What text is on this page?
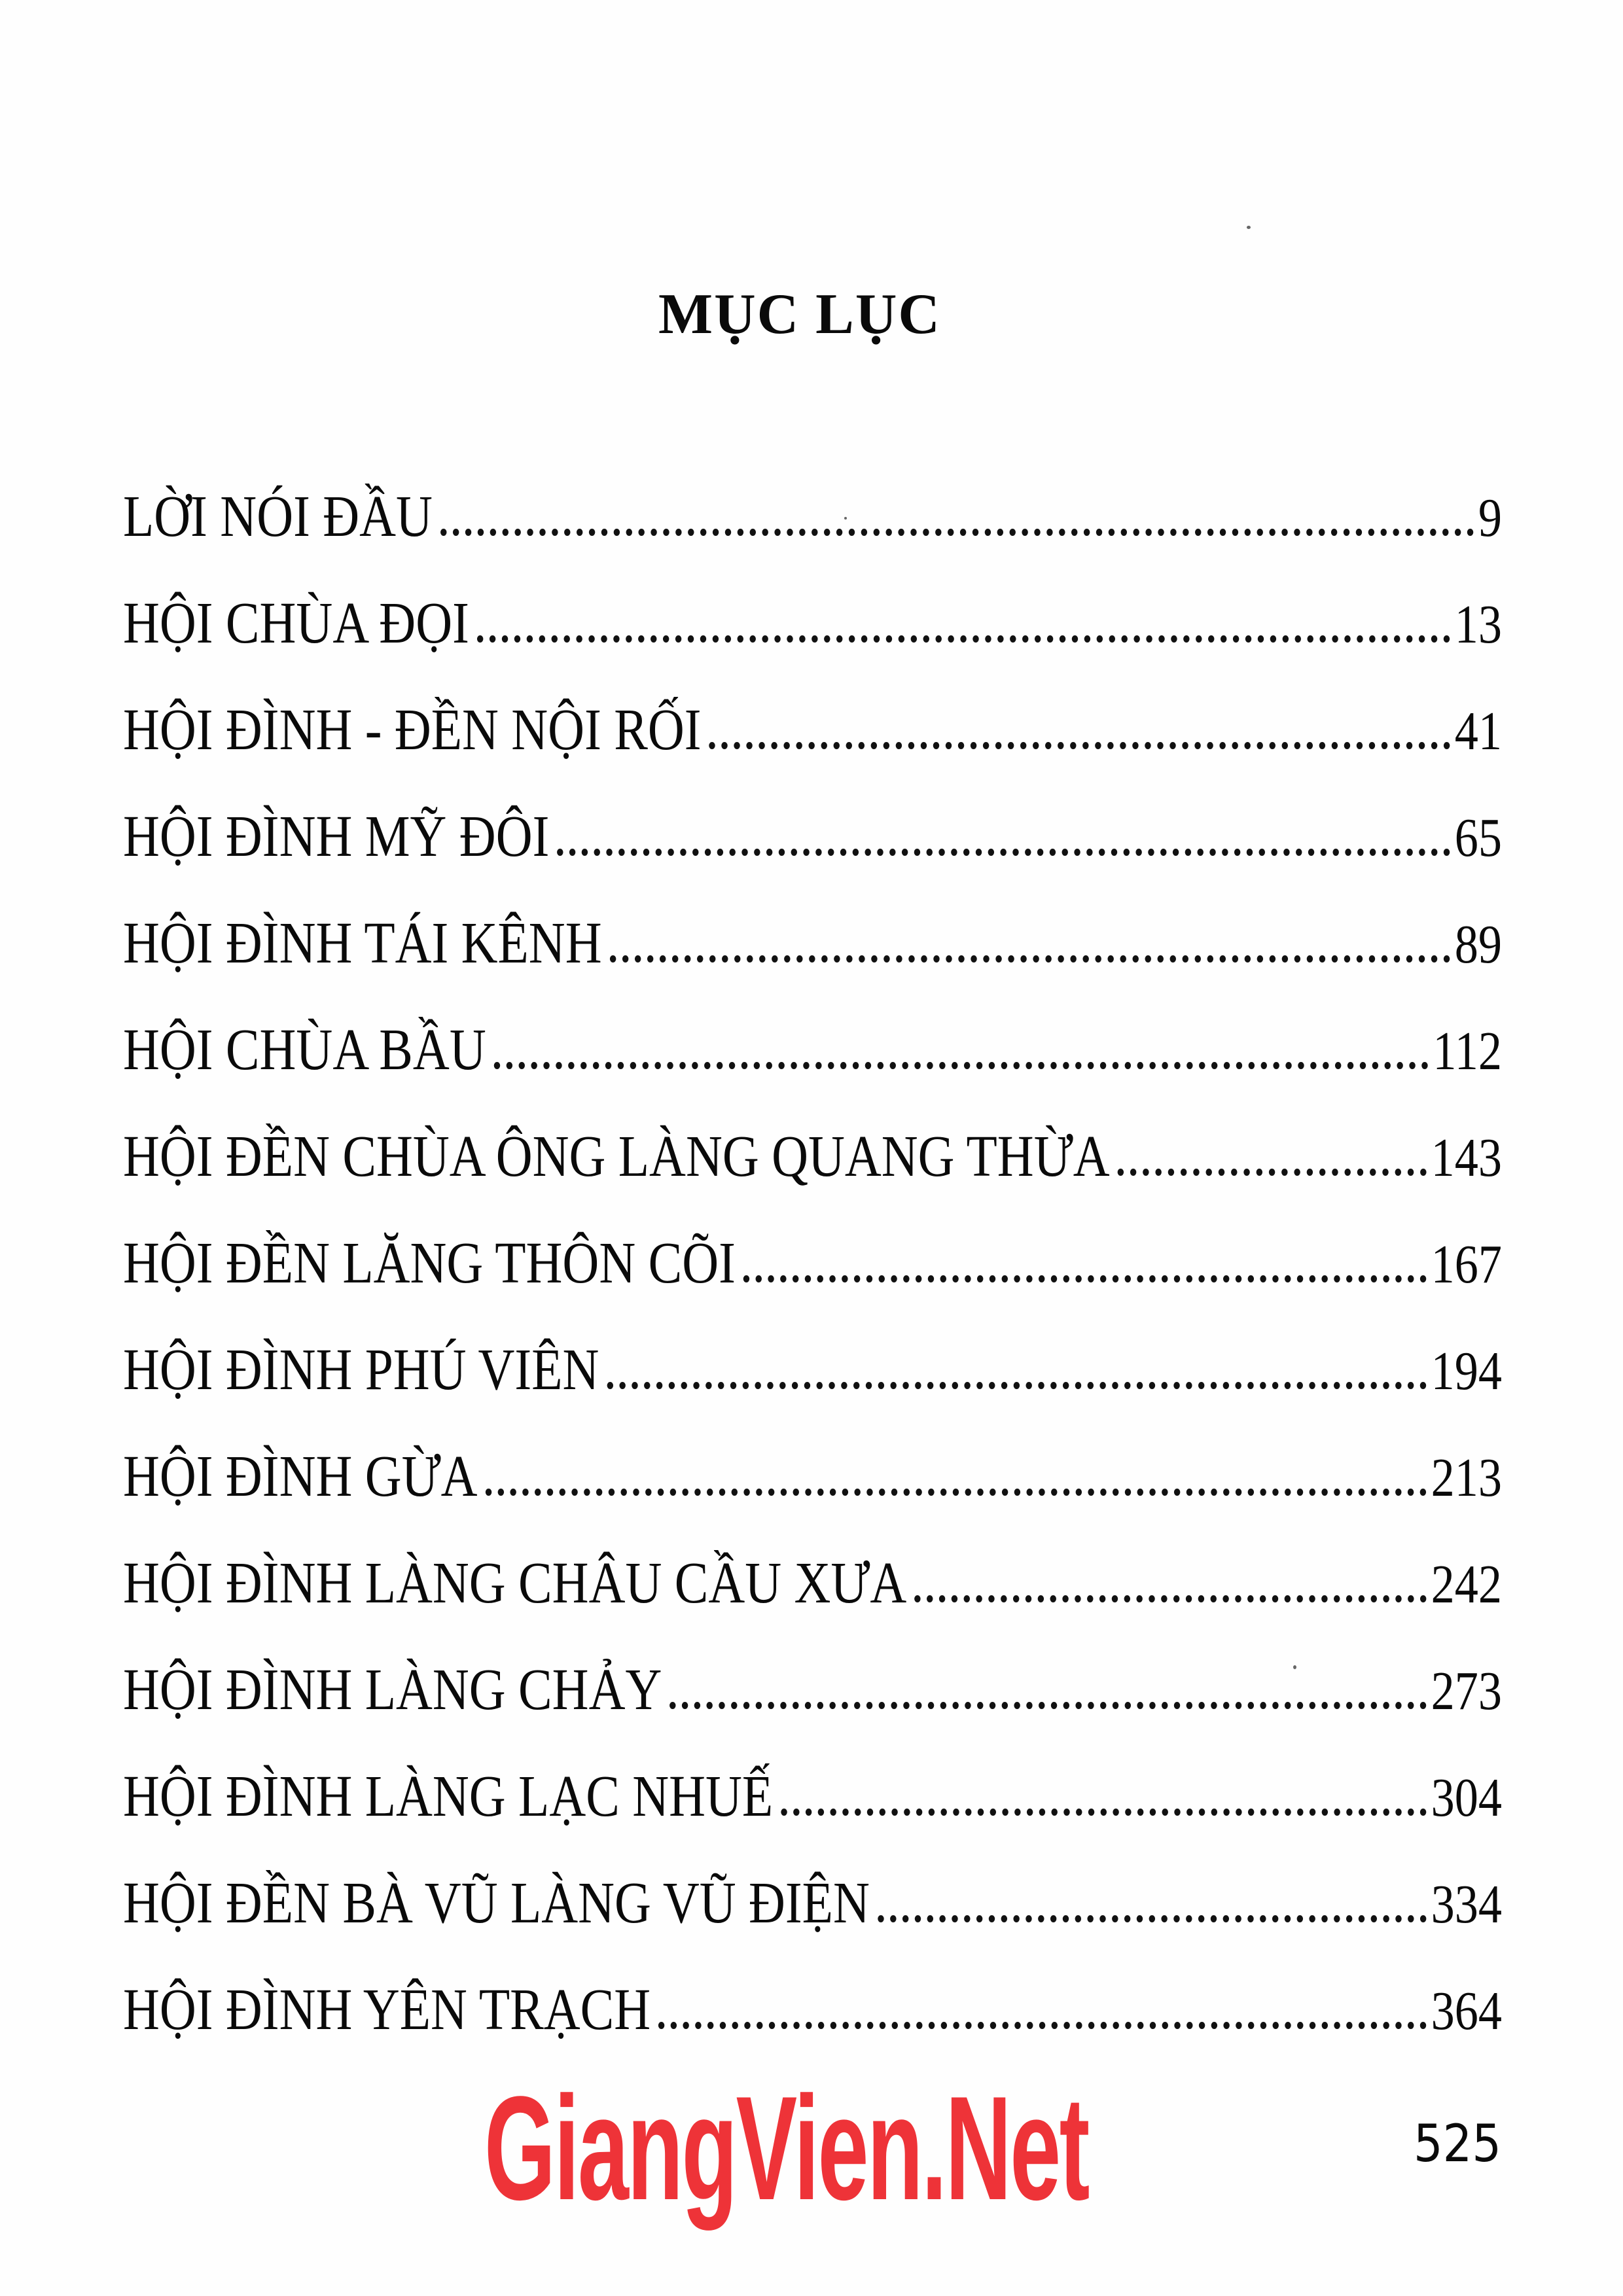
MỤC LỤC
LỜI NÓI ĐẦU	9
HỘI CHÙA ĐỌI	13
HỘI ĐÌNH - ĐỀN NỘI RỐI	41
HỘI ĐÌNH MỸ ĐÔI	65
HỘI ĐÌNH TÁI KÊNH	89
HỘI CHÙA BẦU	112
HỘI ĐỀN CHÙA ÔNG LÀNG QUANG THỪA	143
HỘI ĐỀN LĂNG THÔN CÕI	167
HỘI ĐÌNH PHÚ VIÊN	194
HỘI ĐÌNH GỪA	213
HỘI ĐÌNH LÀNG CHÂU CẦU XƯA	242
HỘI ĐÌNH LÀNG CHẢY	273
HỘI ĐÌNH LÀNG LẠC NHUẾ	304
HỘI ĐỀN BÀ VŨ LÀNG VŨ ĐIỆN	334
HỘI ĐÌNH YÊN TRẠCH	364
GiangVien.Net	525
